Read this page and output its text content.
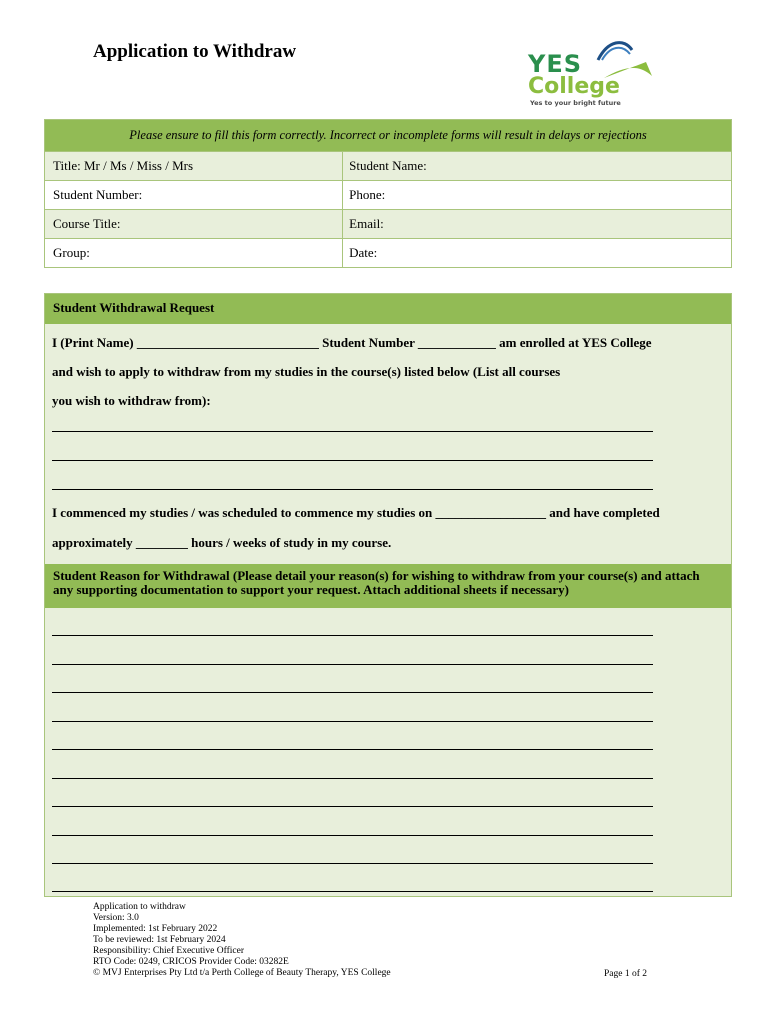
Application to Withdraw	YES
College
Yes to your bright future
Please ensure to fill this form correctly. Incorrect or incomplete forms will result in delays or rejections
Title: Mr / Ms / Miss / Mrs	Student Name:
Student Number:	Phone:
Course Title:	Email:
Group:	Date:
Student Withdrawal Request
I (Print Name) ____________________________ Student Number ____________ am enrolled at YES College
and wish to apply to withdraw from my studies in the course(s) listed below (List all courses
you wish to withdraw from):
I commenced my studies / was scheduled to commence my studies on _________________ and have completed
approximately ________ hours / weeks of study in my course.
Student Reason for Withdrawal (Please detail your reason(s) for wishing to withdraw from your course(s) and attach any supporting documentation to support your request. Attach additional sheets if necessary)
Application to withdraw
Version: 3.0
Implemented: 1st February 2022
To be reviewed: 1st February 2024
Responsibility: Chief Executive Officer
RTO Code: 0249, CRICOS Provider Code: 03282E
© MVJ Enterprises Pty Ltd t/a Perth College of Beauty Therapy, YES College	Page 1 of 2
